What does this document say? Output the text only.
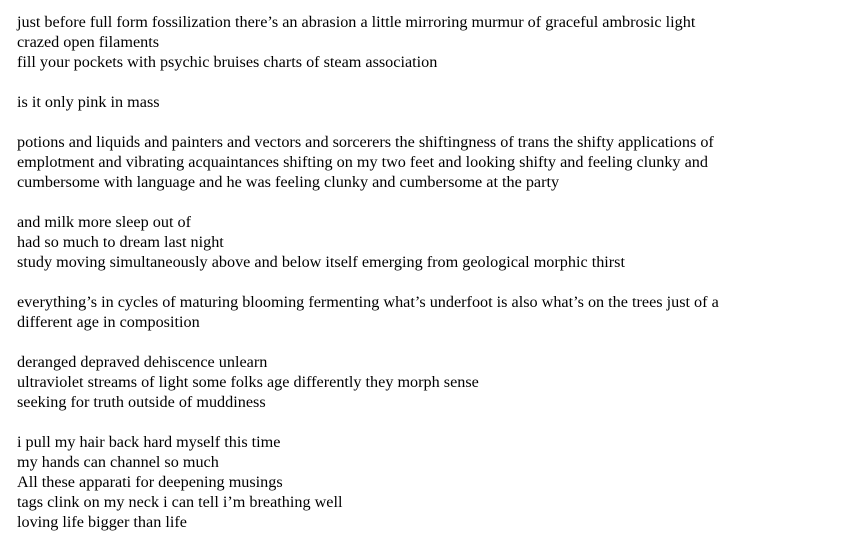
just before full form fossilization there’s an abrasion a little mirroring murmur of graceful ambrosic light
crazed open filaments
fill your pockets with psychic bruises charts of steam association
is it only pink in mass
potions and liquids and painters and vectors and sorcerers the shiftingness of trans the shifty applications of
emplotment and vibrating acquaintances shifting on my two feet and looking shifty and feeling clunky and
cumbersome with language and he was feeling clunky and cumbersome at the party
and milk more sleep out of
had so much to dream last night
study moving simultaneously above and below itself emerging from geological morphic thirst
everything’s in cycles of maturing blooming fermenting what’s underfoot is also what’s on the trees just of a
different age in composition
deranged depraved dehiscence unlearn
ultraviolet streams of light some folks age differently they morph sense
seeking for truth outside of muddiness
i pull my hair back hard myself this time
my hands can channel so much
All these apparati for deepening musings
tags clink on my neck i can tell i’m breathing well
loving life bigger than life
